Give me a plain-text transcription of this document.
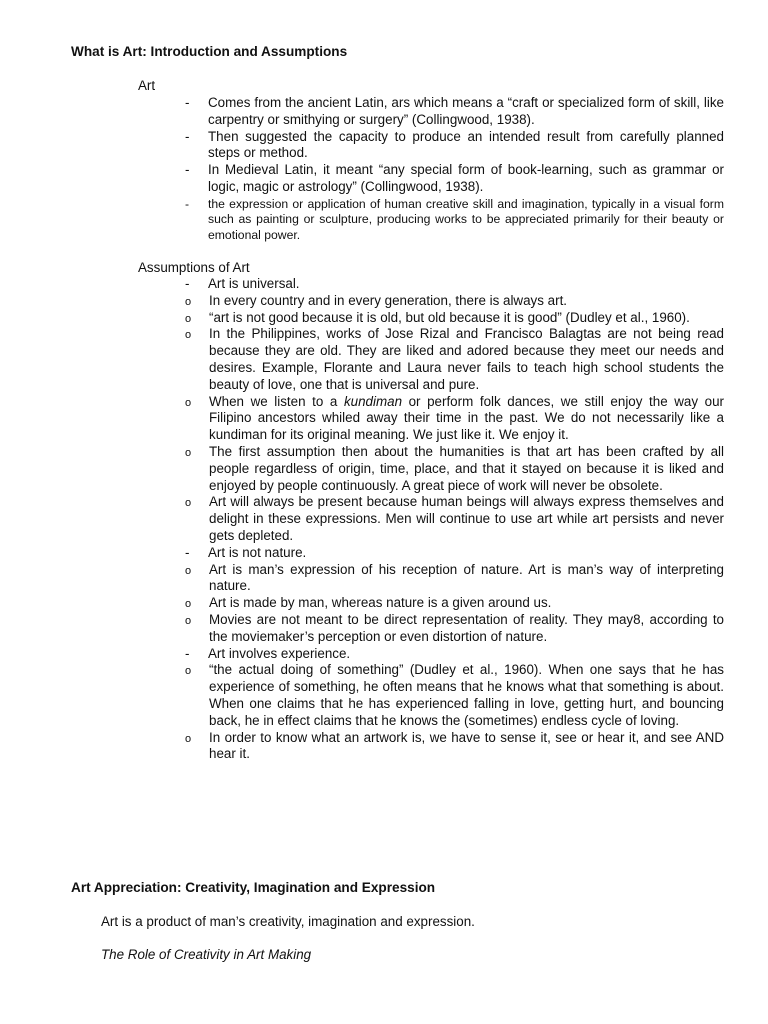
What is Art: Introduction and Assumptions
Art
- Comes from the ancient Latin, ars which means a “craft or specialized form of skill, like carpentry or smithying or surgery” (Collingwood, 1938).
- Then suggested the capacity to produce an intended result from carefully planned steps or method.
- In Medieval Latin, it meant “any special form of book-learning, such as grammar or logic, magic or astrology” (Collingwood, 1938).
- the expression or application of human creative skill and imagination, typically in a visual form such as painting or sculpture, producing works to be appreciated primarily for their beauty or emotional power.
Assumptions of Art
- Art is universal.
o In every country and in every generation, there is always art.
o “art is not good because it is old, but old because it is good” (Dudley et al., 1960).
o In the Philippines, works of Jose Rizal and Francisco Balagtas are not being read because they are old. They are liked and adored because they meet our needs and desires. Example, Florante and Laura never fails to teach high school students the beauty of love, one that is universal and pure.
o When we listen to a kundiman or perform folk dances, we still enjoy the way our Filipino ancestors whiled away their time in the past. We do not necessarily like a kundiman for its original meaning. We just like it. We enjoy it.
o The first assumption then about the humanities is that art has been crafted by all people regardless of origin, time, place, and that it stayed on because it is liked and enjoyed by people continuously. A great piece of work will never be obsolete.
o Art will always be present because human beings will always express themselves and delight in these expressions. Men will continue to use art while art persists and never gets depleted.
- Art is not nature.
o Art is man’s expression of his reception of nature. Art is man’s way of interpreting nature.
o Art is made by man, whereas nature is a given around us.
o Movies are not meant to be direct representation of reality. They may8, according to the moviemaker’s perception or even distortion of nature.
- Art involves experience.
o “the actual doing of something” (Dudley et al., 1960). When one says that he has experience of something, he often means that he knows what that something is about. When one claims that he has experienced falling in love, getting hurt, and bouncing back, he in effect claims that he knows the (sometimes) endless cycle of loving.
o In order to know what an artwork is, we have to sense it, see or hear it, and see AND hear it.
Art Appreciation: Creativity, Imagination and Expression

Art is a product of man’s creativity, imagination and expression.

The Role of Creativity in Art Making
